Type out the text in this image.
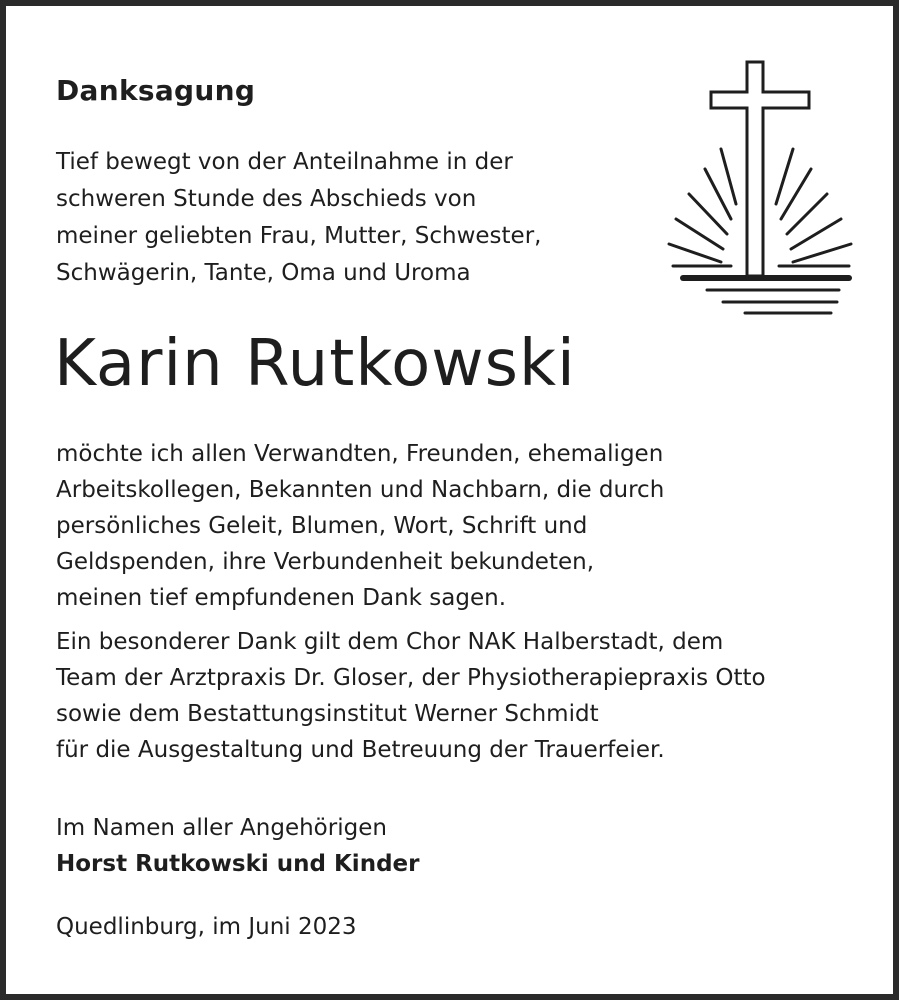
Danksagung
Tief bewegt von der Anteilnahme in der
schweren Stunde des Abschieds von
meiner geliebten Frau, Mutter, Schwester,
Schwägerin, Tante, Oma und Uroma
Karin Rutkowski
möchte ich allen Verwandten, Freunden, ehemaligen
Arbeitskollegen, Bekannten und Nachbarn, die durch
persönliches Geleit, Blumen, Wort, Schrift und
Geldspenden, ihre Verbundenheit bekundeten,
meinen tief empfundenen Dank sagen.
Ein besonderer Dank gilt dem Chor NAK Halberstadt, dem
Team der Arztpraxis Dr. Gloser, der Physiotherapiepraxis Otto
sowie dem Bestattungsinstitut Werner Schmidt
für die Ausgestaltung und Betreuung der Trauerfeier.
Im Namen aller Angehörigen
Horst Rutkowski und Kinder
Quedlinburg, im Juni 2023
